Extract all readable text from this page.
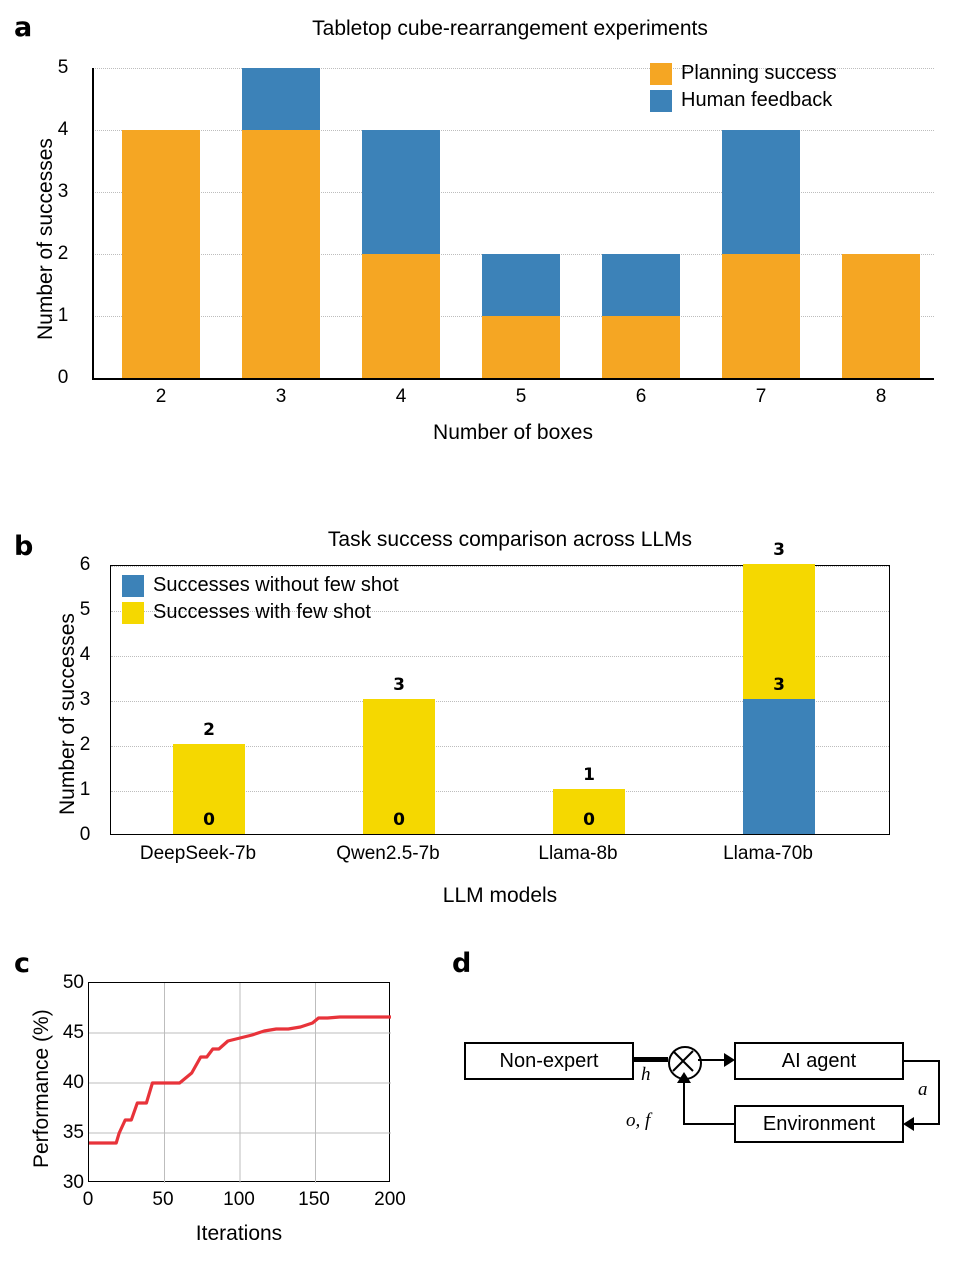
a	Tabletop cube-rearrangement experiments
5
4
3
2
1
0
2	3	4	5	6	7	8
Number of boxes
Number of successes
Planning success
Human feedback
b	Task success comparison across LLMs
0
2
0
3
0
1
3
3
6
5
4
3
2
1
0
DeepSeek-7b	Qwen2.5-7b	Llama-8b	Llama-70b
LLM models
Number of successes
Successes without few shot
Successes with few shot
c
50
45
40
35
30
0	50	100	150	200
Iterations
Performance (%)
d
Non-expert	AI agent
Environment
h
a
o, f
